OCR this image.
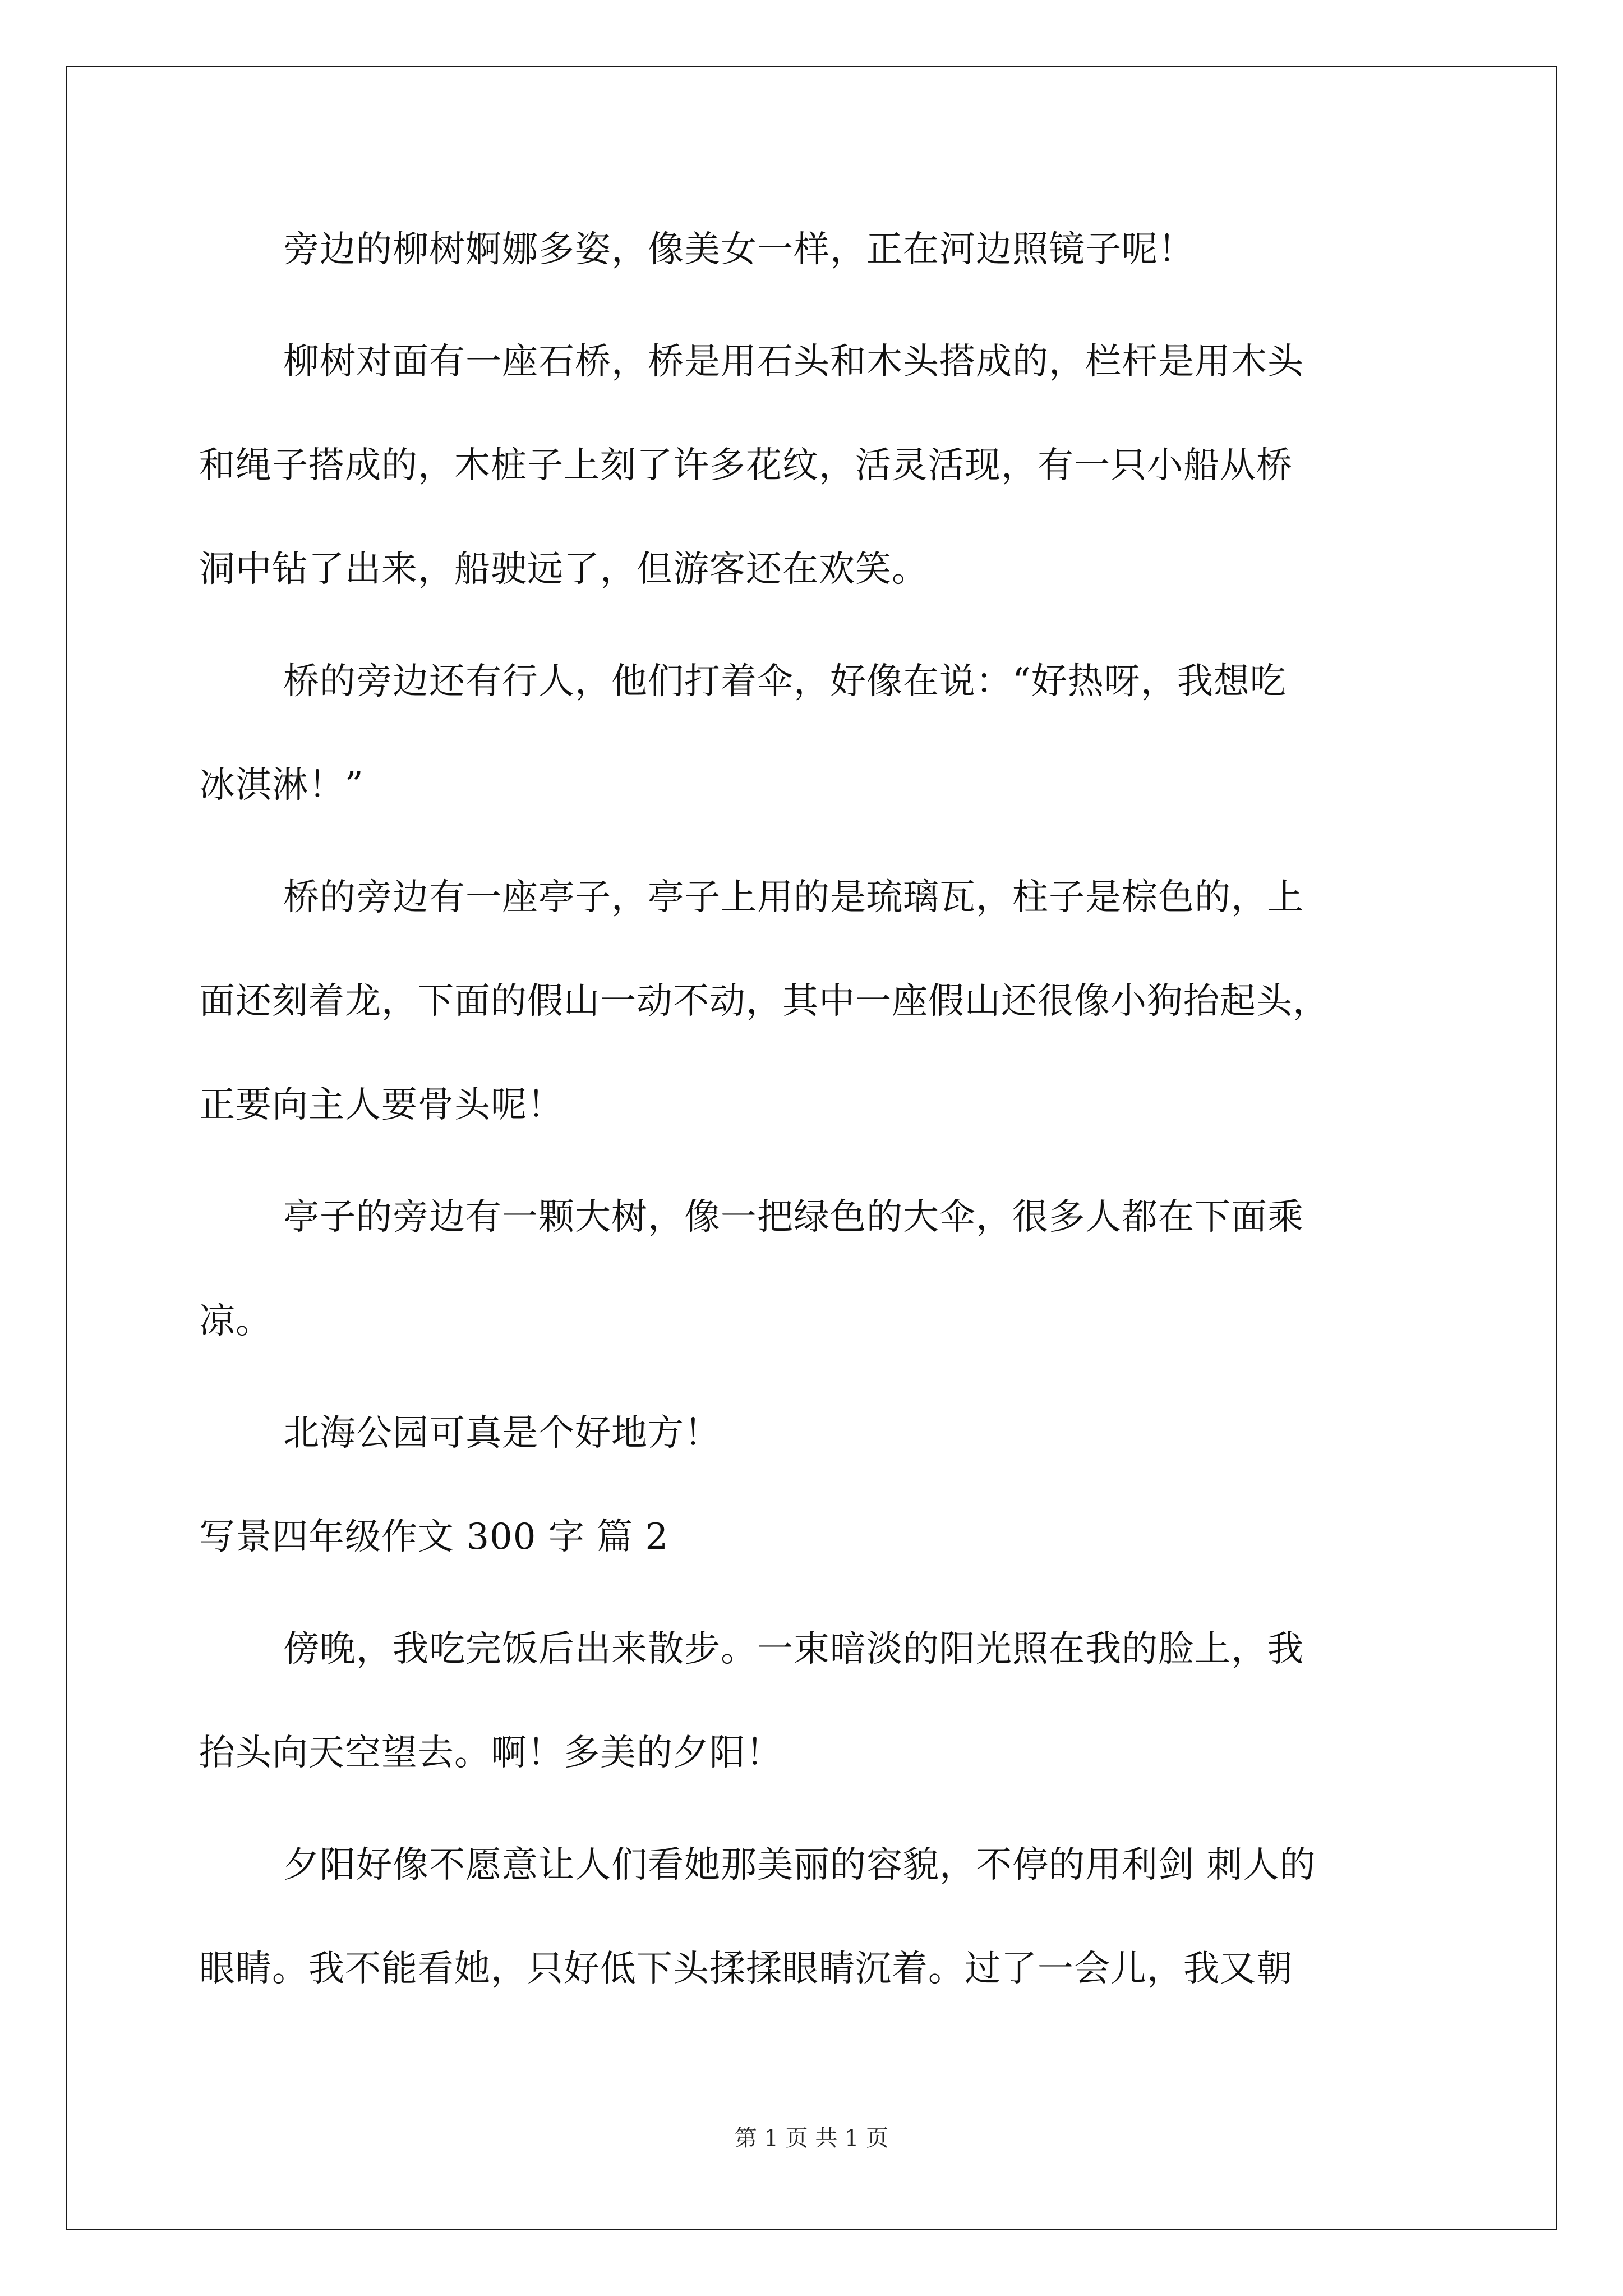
旁边的柳树婀娜多姿，像美女一样，正在河边照镜子呢！
柳树对面有一座石桥，桥是用石头和木头搭成的，栏杆是用木头
和绳子搭成的，木桩子上刻了许多花纹，活灵活现，有一只小船从桥
洞中钻了出来，船驶远了，但游客还在欢笑。
桥的旁边还有行人，他们打着伞，好像在说：“好热呀，我想吃
冰淇淋！”
桥的旁边有一座亭子，亭子上用的是琉璃瓦，柱子是棕色的，上
面还刻着龙，下面的假山一动不动，其中一座假山还很像小狗抬起头，
正要向主人要骨头呢！
亭子的旁边有一颗大树，像一把绿色的大伞，很多人都在下面乘
凉。
北海公园可真是个好地方！
写景四年级作文 300 字 篇 2
傍晚，我吃完饭后出来散步。一束暗淡的阳光照在我的脸上，我
抬头向天空望去。啊！多美的夕阳！
夕阳好像不愿意让人们看她那美丽的容貌，不停的用利剑 刺人的
眼睛。我不能看她，只好低下头揉揉眼睛沉着。过了一会儿，我又朝
第 1 页 共 1 页
